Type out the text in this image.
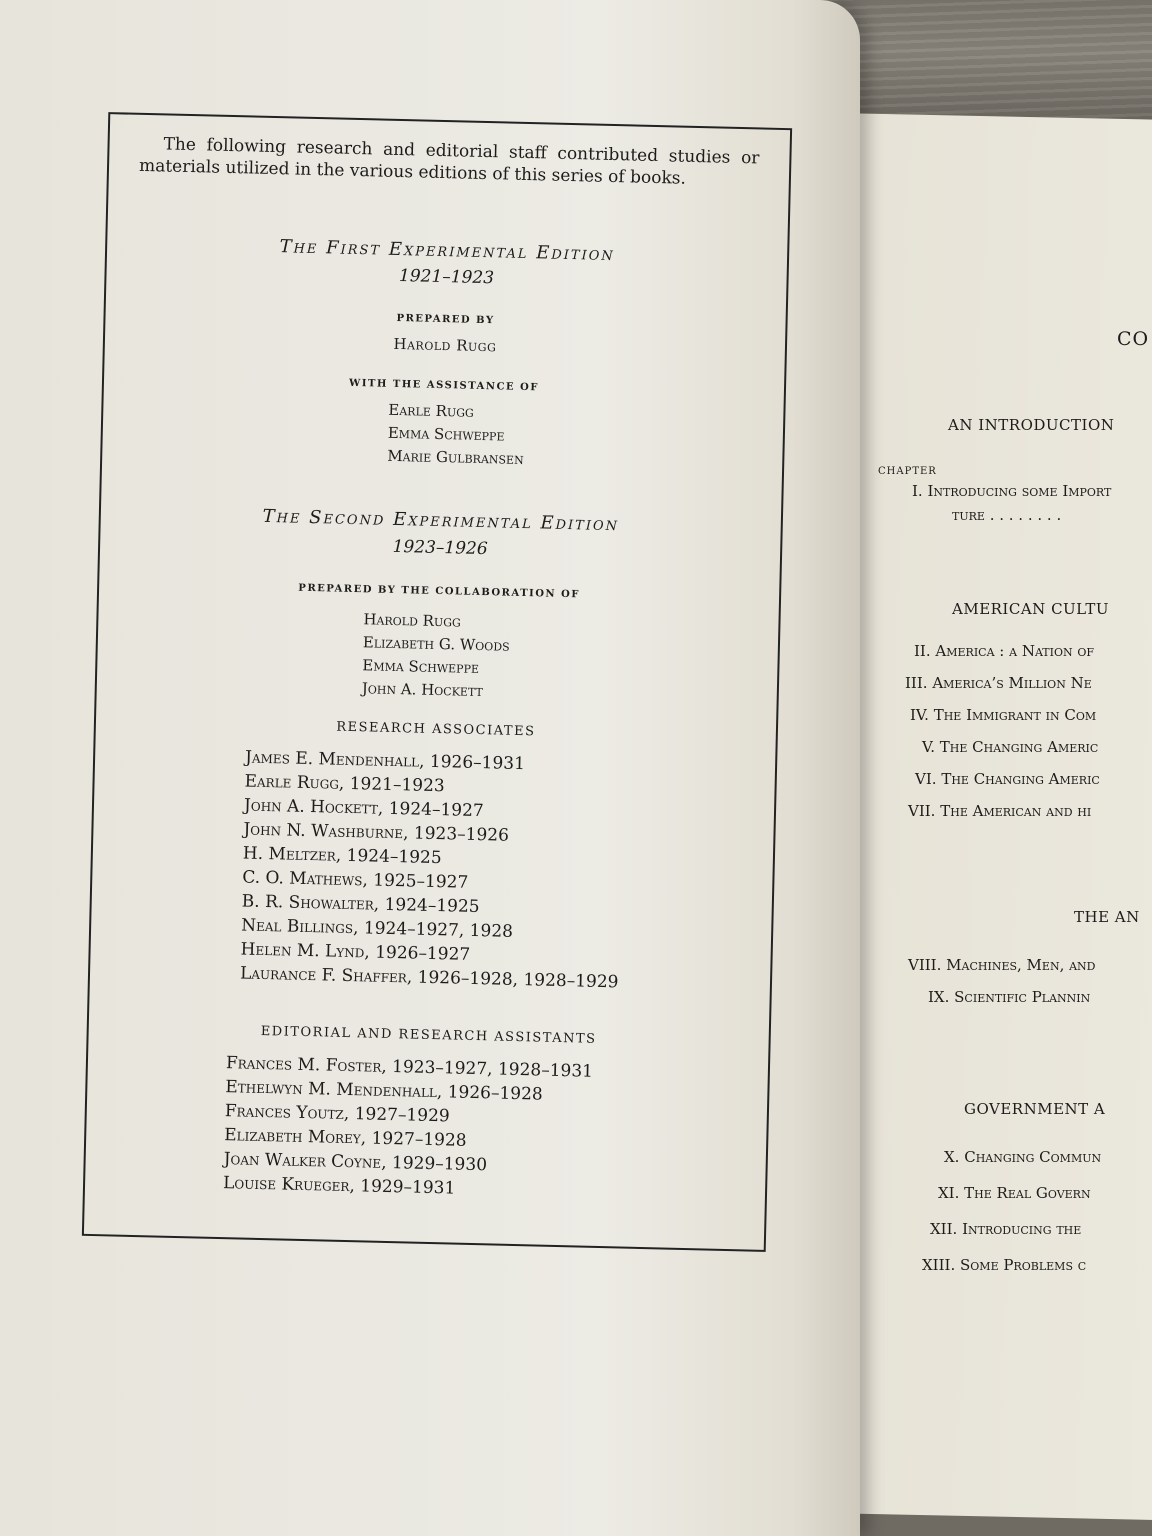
CO
AN INTRODUCTION
CHAPTER
I. Introducing some Import
ture . . . . . . . .
AMERICAN CULTU
II. America : a Nation of
III. America’s Million Ne
IV. The Immigrant in Com
V. The Changing Americ
VI. The Changing Americ
VII. The American and hi
THE AN
VIII. Machines, Men, and
IX. Scientific Plannin
GOVERNMENT A
X. Changing Commun
XI. The Real Govern
XII. Introducing the
XIII. Some Problems c
The following research and editorial staff contributed studies or materials utilized in the various editions of this series of books.
The First Experimental Edition
1921–1923
PREPARED BY
Harold Rugg
WITH THE ASSISTANCE OF
Earle Rugg
Emma Schweppe
Marie Gulbransen
The Second Experimental Edition
1923–1926
PREPARED BY THE COLLABORATION OF
Harold Rugg
Elizabeth G. Woods
Emma Schweppe
John A. Hockett
RESEARCH ASSOCIATES
James E. Mendenhall, 1926–1931
Earle Rugg, 1921–1923
John A. Hockett, 1924–1927
John N. Washburne, 1923–1926
H. Meltzer, 1924–1925
C. O. Mathews, 1925–1927
B. R. Showalter, 1924–1925
Neal Billings, 1924–1927, 1928
Helen M. Lynd, 1926–1927
Laurance F. Shaffer, 1926–1928, 1928–1929
EDITORIAL AND RESEARCH ASSISTANTS
Frances M. Foster, 1923–1927, 1928–1931
Ethelwyn M. Mendenhall, 1926–1928
Frances Youtz, 1927–1929
Elizabeth Morey, 1927–1928
Joan Walker Coyne, 1929–1930
Louise Krueger, 1929–1931
